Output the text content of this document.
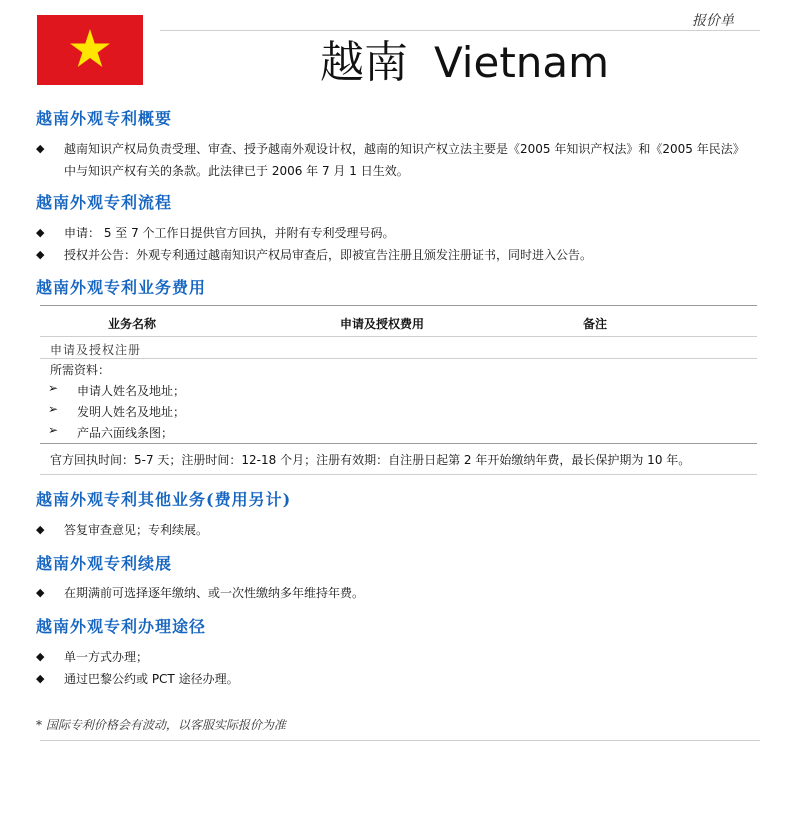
报价单
越南 Vietnam
越南外观专利概要
◆ 越南知识产权局负责受理、审查、授予越南外观设计权，越南的知识产权立法主要是《2005 年知识产权法》和《2005 年民法》中与知识产权有关的条款。此法律已于 2006 年 7 月 1 日生效。
越南外观专利流程
◆ 申请： 5 至 7 个工作日提供官方回执，并附有专利受理号码。
◆ 授权并公告：外观专利通过越南知识产权局审查后，即被宣告注册且颁发注册证书，同时进入公告。
越南外观专利业务费用
业务名称	申请及授权费用	备注
申请及授权注册
所需资料：
➢ 申请人姓名及地址；
➢ 发明人姓名及地址；
➢ 产品六面线条图；
官方回执时间：5-7 天；注册时间：12-18 个月；注册有效期：自注册日起第 2 年开始缴纳年费，最长保护期为 10 年。
越南外观专利其他业务(费用另计)
◆ 答复审查意见；专利续展。
越南外观专利续展
◆ 在期满前可选择逐年缴纳、或一次性缴纳多年维持年费。
越南外观专利办理途径
◆ 单一方式办理；
◆ 通过巴黎公约或 PCT 途径办理。
* 国际专利价格会有波动，以客服实际报价为准
